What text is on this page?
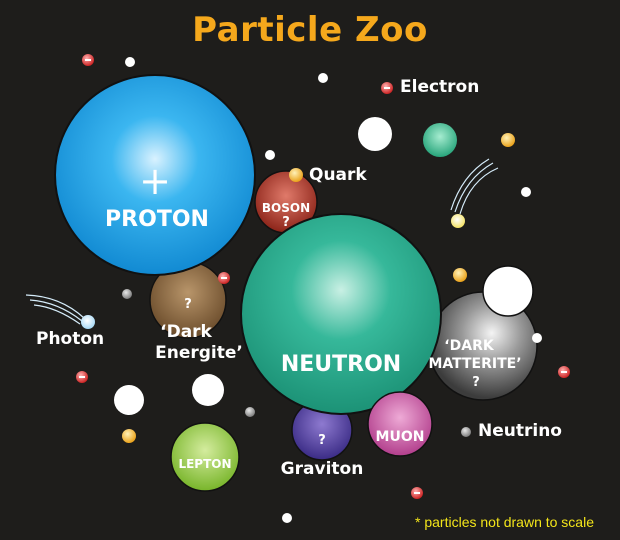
Particle Zoo
+
PROTON
NEUTRON
BOSON
?
?
‘Dark
Energite’	‘DARK
MATTERITE’
?
MUON
?
Graviton
LEPTON
Quark
Electron
Photon
Neutrino
* particles not drawn to scale
